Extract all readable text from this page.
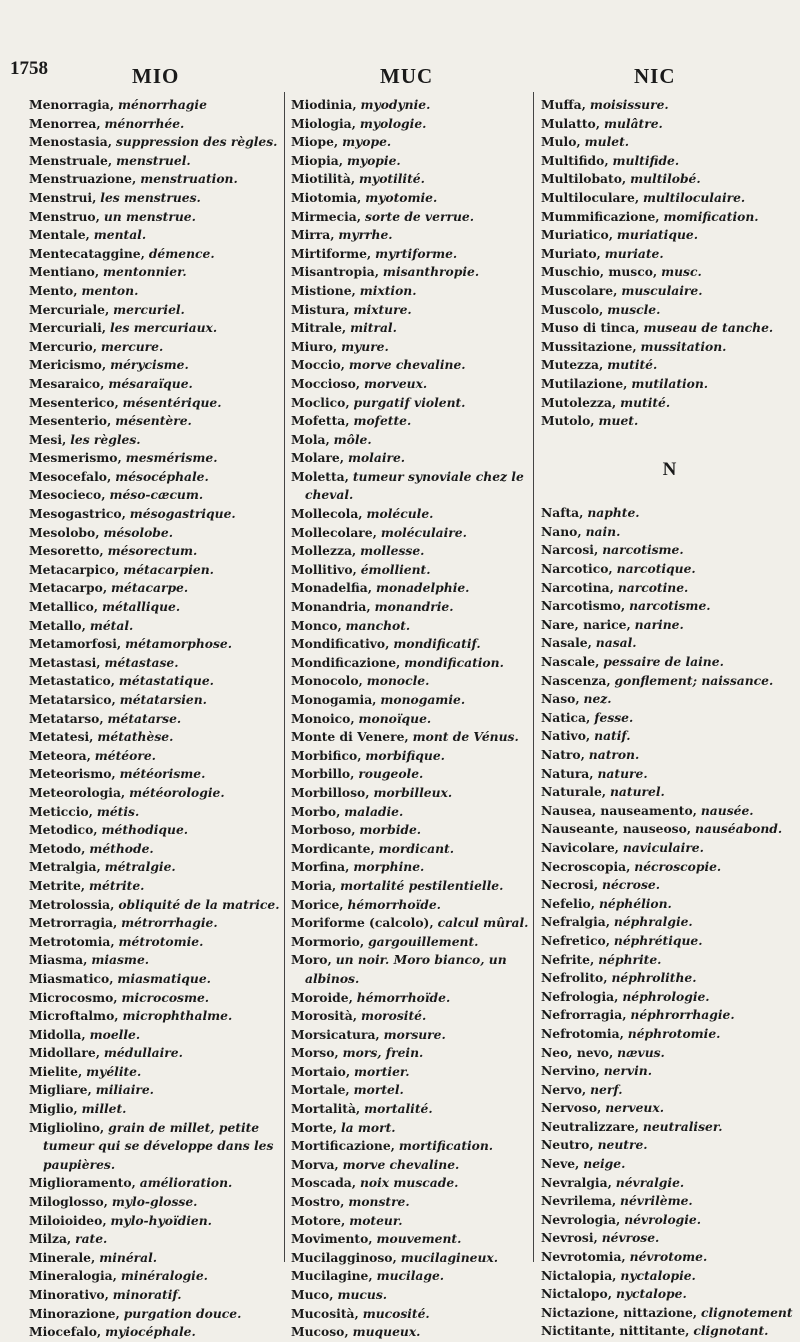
1758	MIO	MUC	NIC
Menorragia, ménorrhagie
Menorrea, ménorrhée.
Menostasia, suppression des règles.
Menstruale, menstruel.
Menstruazione, menstruation.
Menstrui, les menstrues.
Menstruo, un menstrue.
Mentale, mental.
Mentecataggine, démence.
Mentiano, mentonnier.
Mento, menton.
Mercuriale, mercuriel.
Mercuriali, les mercuriaux.
Mercurio, mercure.
Mericismo, mérycisme.
Mesaraico, mésaraïque.
Mesenterico, mésentérique.
Mesenterio, mésentère.
Mesi, les règles.
Mesmerismo, mesmérisme.
Mesocefalo, mésocéphale.
Mesocieco, méso-cæcum.
Mesogastrico, mésogastrique.
Mesolobo, mésolobe.
Mesoretto, mésorectum.
Metacarpico, métacarpien.
Metacarpo, métacarpe.
Metallico, métallique.
Metallo, métal.
Metamorfosi, métamorphose.
Metastasi, métastase.
Metastatico, métastatique.
Metatarsico, métatarsien.
Metatarso, métatarse.
Metatesi, métathèse.
Meteora, météore.
Meteorismo, météorisme.
Meteorologia, météorologie.
Meticcio, métis.
Metodico, méthodique.
Metodo, méthode.
Metralgia, métralgie.
Metrite, métrite.
Metrolossia, obliquité de la matrice.
Metrorragia, métrorrhagie.
Metrotomia, métrotomie.
Miasma, miasme.
Miasmatico, miasmatique.
Microcosmo, microcosme.
Microftalmo, microphthalme.
Midolla, moelle.
Midollare, médullaire.
Mielite, myélite.
Migliare, miliaire.
Miglio, millet.
Migliolino, grain de millet, petite tumeur qui se développe dans les paupières.
Miglioramento, amélioration.
Miloglosso, mylo-glosse.
Miloioideo, mylo-hyoïdien.
Milza, rate.
Minerale, minéral.
Mineralogia, minéralogie.
Minorativo, minoratif.
Minorazione, purgation douce.
Miocefalo, myiocéphale.
Miodinia, myodynie.
Miologia, myologie.
Miope, myope.
Miopia, myopie.
Miotilità, myotilité.
Miotomia, myotomie.
Mirmecia, sorte de verrue.
Mirra, myrrhe.
Mirtiforme, myrtiforme.
Misantropia, misanthropie.
Mistione, mixtion.
Mistura, mixture.
Mitrale, mitral.
Miuro, myure.
Moccio, morve chevaline.
Moccioso, morveux.
Moclico, purgatif violent.
Mofetta, mofette.
Mola, môle.
Molare, molaire.
Moletta, tumeur synoviale chez le cheval.
Mollecola, molécule.
Mollecolare, moléculaire.
Mollezza, mollesse.
Mollitivo, émollient.
Monadelfia, monadelphie.
Monandria, monandrie.
Monco, manchot.
Mondificativo, mondificatif.
Mondificazione, mondification.
Monocolo, monocle.
Monogamia, monogamie.
Monoico, monoïque.
Monte di Venere, mont de Vénus.
Morbifico, morbifique.
Morbillo, rougeole.
Morbilloso, morbilleux.
Morbo, maladie.
Morboso, morbide.
Mordicante, mordicant.
Morfina, morphine.
Moria, mortalité pestilentielle.
Morice, hémorrhoïde.
Moriforme (calcolo), calcul mûral.
Mormorio, gargouillement.
Moro, un noir. Moro bianco, un albinos.
Moroide, hémorrhoïde.
Morosità, morosité.
Morsicatura, morsure.
Morso, mors, frein.
Mortaio, mortier.
Mortale, mortel.
Mortalità, mortalité.
Morte, la mort.
Mortificazione, mortification.
Morva, morve chevaline.
Moscada, noix muscade.
Mostro, monstre.
Motore, moteur.
Movimento, mouvement.
Mucilagginoso, mucilagineux.
Mucilagine, mucilage.
Muco, mucus.
Mucosità, mucosité.
Mucoso, muqueux.
Muffa, moisissure.
Mulatto, mulâtre.
Mulo, mulet.
Multifido, multifide.
Multilobato, multilobé.
Multiloculare, multiloculaire.
Mummificazione, momification.
Muriatico, muriatique.
Muriato, muriate.
Muschio, musco, musc.
Muscolare, musculaire.
Muscolo, muscle.
Muso di tinca, museau de tanche.
Mussitazione, mussitation.
Mutezza, mutité.
Mutilazione, mutilation.
Mutolezza, mutité.
Mutolo, muet.
N
Nafta, naphte.
Nano, nain.
Narcosi, narcotisme.
Narcotico, narcotique.
Narcotina, narcotine.
Narcotismo, narcotisme.
Nare, narice, narine.
Nasale, nasal.
Nascale, pessaire de laine.
Nascenza, gonflement; naissance.
Naso, nez.
Natica, fesse.
Nativo, natif.
Natro, natron.
Natura, nature.
Naturale, naturel.
Nausea, nauseamento, nausée.
Nauseante, nauseoso, nauséabond.
Navicolare, naviculaire.
Necroscopia, nécroscopie.
Necrosi, nécrose.
Nefelio, néphélion.
Nefralgia, néphralgie.
Nefretico, néphrétique.
Nefrite, néphrite.
Nefrolito, néphrolithe.
Nefrologia, néphrologie.
Nefrorragia, néphrorrhagie.
Nefrotomia, néphrotomie.
Neo, nevo, nævus.
Nervino, nervin.
Nervo, nerf.
Nervoso, nerveux.
Neutralizzare, neutraliser.
Neutro, neutre.
Neve, neige.
Nevralgia, névralgie.
Nevrilema, névrilème.
Nevrologia, névrologie.
Nevrosi, névrose.
Nevrotomia, névrotome.
Nictalopia, nyctalopie.
Nictalopo, nyctalope.
Nictazione, nittazione, clignotement
Nictitante, nittitante, clignotant.
